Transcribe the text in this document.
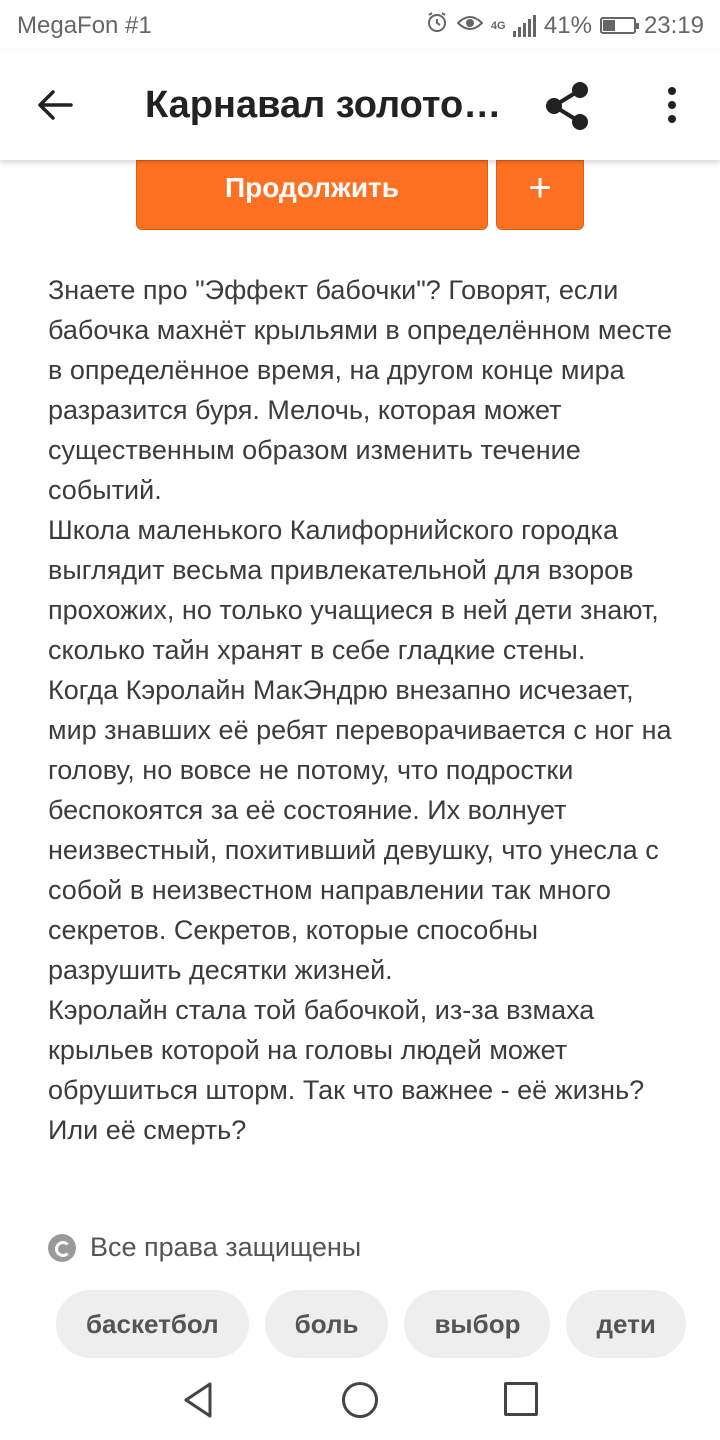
MegaFon #1	4G 41% 23:19
Карнавал золото…
Продолжить	+

Знаете про "Эффект бабочки"? Говорят, если бабочка махнёт крыльями в определённом месте в определённое время, на другом конце мира разразится буря. Мелочь, которая может существенным образом изменить течение событий.

Школа маленького Калифорнийского городка выглядит весьма привлекательной для взоров прохожих, но только учащиеся в ней дети знают, сколько тайн хранят в себе гладкие стены.

Когда Кэролайн МакЭндрю внезапно исчезает, мир знавших её ребят переворачивается с ног на голову, но вовсе не потому, что подростки беспокоятся за её состояние. Их волнует неизвестный, похитивший девушку, что унесла с собой в неизвестном направлении так много секретов. Секретов, которые способны разрушить десятки жизней.

Кэролайн стала той бабочкой, из-за взмаха крыльев которой на головы людей может обрушиться шторм. Так что важнее - её жизнь? Или её смерть?

Все права защищены
баскетбол	боль	выбор	дети
